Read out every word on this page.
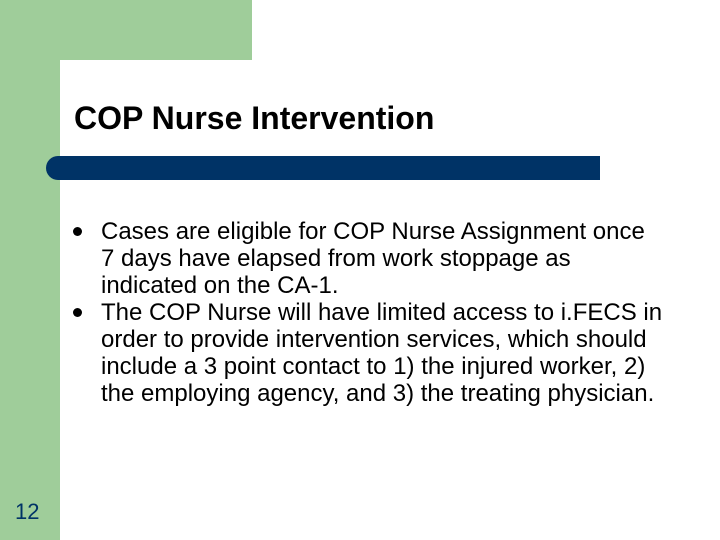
COP Nurse Intervention
Cases are eligible for COP Nurse Assignment once 7 days have elapsed from work stoppage as indicated on the CA-1.
The COP Nurse will have limited access to i.FECS in order to provide intervention services, which should include a 3 point contact to 1) the injured worker, 2) the employing agency, and 3) the treating physician.
12
